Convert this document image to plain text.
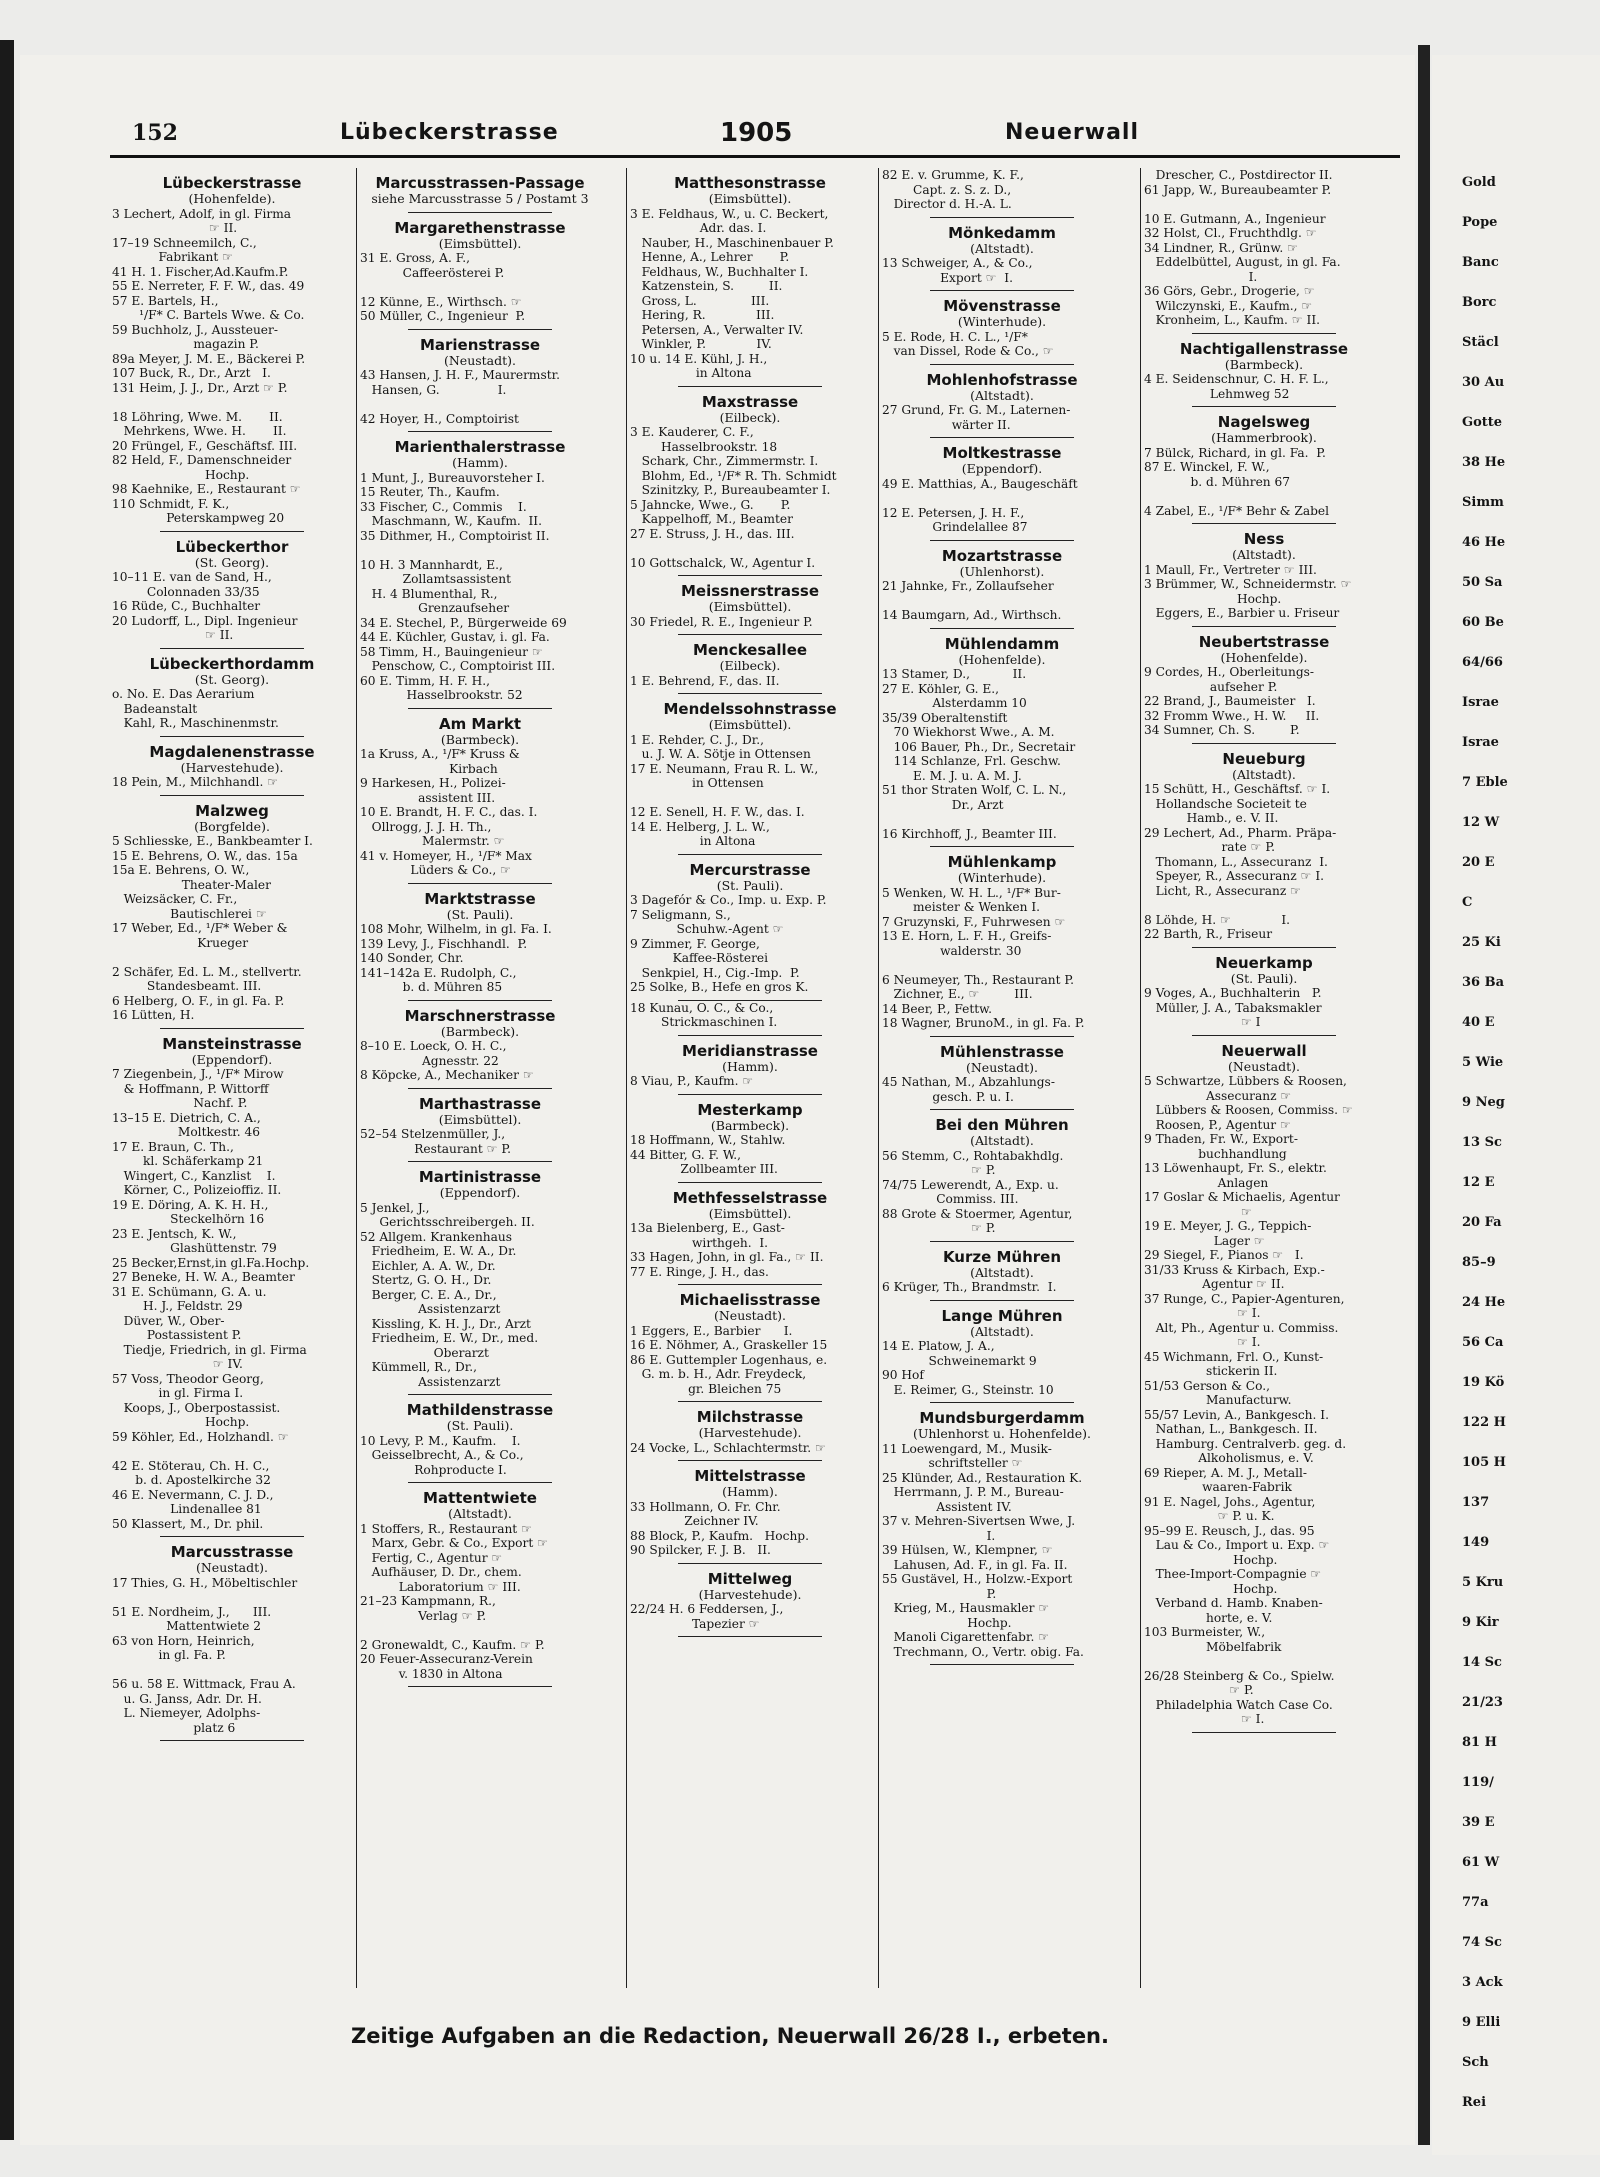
Gold
Pope
Banc
Borc
Stäcl
30 Au
Gotte
38 He
Simm
46 He
50 Sa
60 Be
64/66
Israe
Israe
7 Eble
12 W
20 E
C
25 Ki
36 Ba
40 E
5 Wie
9 Neg
13 Sc
12 E
20 Fa
85–9
24 He
56 Ca
19 Kö
122 H
105 H
137
149
5 Kru
9 Kir
14 Sc
21/23
81 H
119/
39 E
61 W
77a
74 Sc
3 Ack
9 Elli
Sch
Rei
152	Lübeckerstrasse	1905	Neuerwall
Lübeckerstrasse
(Hohenfelde).
3 Lechert, Adolf, in gl. Firma
☞ II.
17–19 Schneemilch, C.,
Fabrikant ☞
41 H. 1. Fischer,Ad.Kaufm.P.
55 E. Nerreter, F. F. W., das. 49
57 E. Bartels, H.,
¹/F* C. Bartels Wwe. & Co.
59 Buchholz, J., Aussteuer-
magazin P.
89a Meyer, J. M. E., Bäckerei P.
107 Buck, R., Dr., Arzt   I.
131 Heim, J. J., Dr., Arzt ☞ P.

18 Löhring, Wwe. M.       II.
Mehrkens, Wwe. H.       II.
20 Früngel, F., Geschäftsf. III.
82 Held, F., Damenschneider
Hochp.
98 Kaehnike, E., Restaurant ☞
110 Schmidt, F. K.,
Peterskampweg 20
Lübeckerthor
(St. Georg).
10–11 E. van de Sand, H.,
Colonnaden 33/35
16 Rüde, C., Buchhalter
20 Ludorff, L., Dipl. Ingenieur
☞ II.
Lübeckerthordamm
(St. Georg).
o. No. E. Das Aerarium
Badeanstalt
Kahl, R., Maschinenmstr.
Magdalenenstrasse
(Harvestehude).
18 Pein, M., Milchhandl. ☞
Malzweg
(Borgfelde).
5 Schliesske, E., Bankbeamter I.
15 E. Behrens, O. W., das. 15a
15a E. Behrens, O. W.,
Theater-Maler
Weizsäcker, C. Fr.,
Bautischlerei ☞
17 Weber, Ed., ¹/F* Weber &
Krueger

2 Schäfer, Ed. L. M., stellvertr.
Standesbeamt. III.
6 Helberg, O. F., in gl. Fa. P.
16 Lütten, H.
Mansteinstrasse
(Eppendorf).
7 Ziegenbein, J., ¹/F* Mirow
& Hoffmann, P. Wittorff
Nachf. P.
13–15 E. Dietrich, C. A.,
Moltkestr. 46
17 E. Braun, C. Th.,
kl. Schäferkamp 21
Wingert, C., Kanzlist    I.
Körner, C., Polizeioffiz. II.
19 E. Döring, A. K. H. H.,
Steckelhörn 16
23 E. Jentsch, K. W.,
Glashüttenstr. 79
25 Becker,Ernst,in gl.Fa.Hochp.
27 Beneke, H. W. A., Beamter
31 E. Schümann, G. A. u.
H. J., Feldstr. 29
Düver, W., Ober-
Postassistent P.
Tiedje, Friedrich, in gl. Firma
☞ IV.
57 Voss, Theodor Georg,
in gl. Firma I.
Koops, J., Oberpostassist.
Hochp.
59 Köhler, Ed., Holzhandl. ☞

42 E. Stöterau, Ch. H. C.,
b. d. Apostelkirche 32
46 E. Nevermann, C. J. D.,
Lindenallee 81
50 Klassert, M., Dr. phil.
Marcusstrasse
(Neustadt).
17 Thies, G. H., Möbeltischler

51 E. Nordheim, J.,      III.
Mattentwiete 2
63 von Horn, Heinrich,
in gl. Fa. P.

56 u. 58 E. Wittmack, Frau A.
u. G. Janss, Adr. Dr. H.
L. Niemeyer, Adolphs-
platz 6
Marcusstrassen-Passage
siehe Marcusstrasse 5 / Postamt 3
Margarethenstrasse
(Eimsbüttel).
31 E. Gross, A. F.,
Caffeerösterei P.

12 Künne, E., Wirthsch. ☞
50 Müller, C., Ingenieur  P.
Marienstrasse
(Neustadt).
43 Hansen, J. H. F., Maurermstr.
Hansen, G.               I.

42 Hoyer, H., Comptoirist
Marienthalerstrasse
(Hamm).
1 Munt, J., Bureauvorsteher I.
15 Reuter, Th., Kaufm.
33 Fischer, C., Commis    I.
Maschmann, W., Kaufm.  II.
35 Dithmer, H., Comptoirist II.

10 H. 3 Mannhardt, E.,
Zollamtsassistent
H. 4 Blumenthal, R.,
Grenzaufseher
34 E. Stechel, P., Bürgerweide 69
44 E. Küchler, Gustav, i. gl. Fa.
58 Timm, H., Bauingenieur ☞
Penschow, C., Comptoirist III.
60 E. Timm, H. F. H.,
Hasselbrookstr. 52
Am Markt
(Barmbeck).
1a Kruss, A., ¹/F* Kruss &
Kirbach
9 Harkesen, H., Polizei-
assistent III.
10 E. Brandt, H. F. C., das. I.
Ollrogg, J. J. H. Th.,
Malermstr. ☞
41 v. Homeyer, H., ¹/F* Max
Lüders & Co., ☞
Marktstrasse
(St. Pauli).
108 Mohr, Wilhelm, in gl. Fa. I.
139 Levy, J., Fischhandl.  P.
140 Sonder, Chr.
141–142a E. Rudolph, C.,
b. d. Mühren 85
Marschnerstrasse
(Barmbeck).
8–10 E. Loeck, O. H. C.,
Agnesstr. 22
8 Köpcke, A., Mechaniker ☞
Marthastrasse
(Eimsbüttel).
52–54 Stelzenmüller, J.,
Restaurant ☞ P.
Martinistrasse
(Eppendorf).
5 Jenkel, J.,
Gerichtsschreibergeh. II.
52 Allgem. Krankenhaus
Friedheim, E. W. A., Dr.
Eichler, A. A. W., Dr.
Stertz, G. O. H., Dr.
Berger, C. E. A., Dr.,
Assistenzarzt
Kissling, K. H. J., Dr., Arzt
Friedheim, E. W., Dr., med.
Oberarzt
Kümmell, R., Dr.,
Assistenzarzt
Mathildenstrasse
(St. Pauli).
10 Levy, P. M., Kaufm.    I.
Geisselbrecht, A., & Co.,
Rohproducte I.
Mattentwiete
(Altstadt).
1 Stoffers, R., Restaurant ☞
Marx, Gebr. & Co., Export ☞
Fertig, C., Agentur ☞
Aufhäuser, D. Dr., chem.
Laboratorium ☞ III.
21–23 Kampmann, R.,
Verlag ☞ P.

2 Gronewaldt, C., Kaufm. ☞ P.
20 Feuer-Assecuranz-Verein
v. 1830 in Altona
Matthesonstrasse
(Eimsbüttel).
3 E. Feldhaus, W., u. C. Beckert,
Adr. das. I.
Nauber, H., Maschinenbauer P.
Henne, A., Lehrer       P.
Feldhaus, W., Buchhalter I.
Katzenstein, S.         II.
Gross, L.              III.
Hering, R.             III.
Petersen, A., Verwalter IV.
Winkler, P.             IV.
10 u. 14 E. Kühl, J. H.,
in Altona
Maxstrasse
(Eilbeck).
3 E. Kauderer, C. F.,
Hasselbrookstr. 18
Schark, Chr., Zimmermstr. I.
Blohm, Ed., ¹/F* R. Th. Schmidt
Szinitzky, P., Bureaubeamter I.
5 Jahncke, Wwe., G.       P.
Kappelhoff, M., Beamter
27 E. Struss, J. H., das. III.

10 Gottschalck, W., Agentur I.
Meissnerstrasse
(Eimsbüttel).
30 Friedel, R. E., Ingenieur P.
Menckesallee
(Eilbeck).
1 E. Behrend, F., das. II.
Mendelssohnstrasse
(Eimsbüttel).
1 E. Rehder, C. J., Dr.,
u. J. W. A. Sötje in Ottensen
17 E. Neumann, Frau R. L. W.,
in Ottensen

12 E. Senell, H. F. W., das. I.
14 E. Helberg, J. L. W.,
in Altona
Mercurstrasse
(St. Pauli).
3 Dagefór & Co., Imp. u. Exp. P.
7 Seligmann, S.,
Schuhw.-Agent ☞
9 Zimmer, F. George,
Kaffee-Rösterei
Senkpiel, H., Cig.-Imp.  P.
25 Solke, B., Hefe en gros K.
18 Kunau, O. C., & Co.,
Strickmaschinen I.
Meridianstrasse
(Hamm).
8 Viau, P., Kaufm. ☞
Mesterkamp
(Barmbeck).
18 Hoffmann, W., Stahlw.
44 Bitter, G. F. W.,
Zollbeamter III.
Methfesselstrasse
(Eimsbüttel).
13a Bielenberg, E., Gast-
wirthgeh.  I.
33 Hagen, John, in gl. Fa., ☞ II.
77 E. Ringe, J. H., das.
Michaelisstrasse
(Neustadt).
1 Eggers, E., Barbier      I.
16 E. Nöhmer, A., Graskeller 15
86 E. Guttempler Logenhaus, e.
G. m. b. H., Adr. Freydeck,
gr. Bleichen 75
Milchstrasse
(Harvestehude).
24 Vocke, L., Schlachtermstr. ☞
Mittelstrasse
(Hamm).
33 Hollmann, O. Fr. Chr.
Zeichner IV.
88 Block, P., Kaufm.   Hochp.
90 Spilcker, F. J. B.   II.
Mittelweg
(Harvestehude).
22/24 H. 6 Feddersen, J.,
Tapezier ☞
82 E. v. Grumme, K. F.,
Capt. z. S. z. D.,
Director d. H.-A. L.
Mönkedamm
(Altstadt).
13 Schweiger, A., & Co.,
Export ☞  I.
Mövenstrasse
(Winterhude).
5 E. Rode, H. C. L., ¹/F*
van Dissel, Rode & Co., ☞
Mohlenhofstrasse
(Altstadt).
27 Grund, Fr. G. M., Laternen-
wärter II.
Moltkestrasse
(Eppendorf).
49 E. Matthias, A., Baugeschäft

12 E. Petersen, J. H. F.,
Grindelallee 87
Mozartstrasse
(Uhlenhorst).
21 Jahnke, Fr., Zollaufseher

14 Baumgarn, Ad., Wirthsch.
Mühlendamm
(Hohenfelde).
13 Stamer, D.,           II.
27 E. Köhler, G. E.,
Alsterdamm 10
35/39 Oberaltenstift
70 Wiekhorst Wwe., A. M.
106 Bauer, Ph., Dr., Secretair
114 Schlanze, Frl. Geschw.
E. M. J. u. A. M. J.
51 thor Straten Wolf, C. L. N.,
Dr., Arzt

16 Kirchhoff, J., Beamter III.
Mühlenkamp
(Winterhude).
5 Wenken, W. H. L., ¹/F* Bur-
meister & Wenken I.
7 Gruzynski, F., Fuhrwesen ☞
13 E. Horn, L. F. H., Greifs-
walderstr. 30

6 Neumeyer, Th., Restaurant P.
Zichner, E., ☞         III.
14 Beer, P., Fettw.
18 Wagner, BrunoM., in gl. Fa. P.
Mühlenstrasse
(Neustadt).
45 Nathan, M., Abzahlungs-
gesch. P. u. I.
Bei den Mühren
(Altstadt).
56 Stemm, C., Rohtabakhdlg.
☞ P.
74/75 Lewerendt, A., Exp. u.
Commiss. III.
88 Grote & Stoermer, Agentur,
☞ P.
Kurze Mühren
(Altstadt).
6 Krüger, Th., Brandmstr.  I.
Lange Mühren
(Altstadt).
14 E. Platow, J. A.,
Schweinemarkt 9
90 Hof
E. Reimer, G., Steinstr. 10
Mundsburgerdamm
(Uhlenhorst u. Hohenfelde).
11 Loewengard, M., Musik-
schriftsteller ☞
25 Klünder, Ad., Restauration K.
Herrmann, J. P. M., Bureau-
Assistent IV.
37 v. Mehren-Sivertsen Wwe, J.
I.
39 Hülsen, W., Klempner, ☞
Lahusen, Ad. F., in gl. Fa. II.
55 Gustävel, H., Holzw.-Export
P.
Krieg, M., Hausmakler ☞
Hochp.
Manoli Cigarettenfabr. ☞
Trechmann, O., Vertr. obig. Fa.
Drescher, C., Postdirector II.
61 Japp, W., Bureaubeamter P.

10 E. Gutmann, A., Ingenieur
32 Holst, Cl., Fruchthdlg. ☞
34 Lindner, R., Grünw. ☞
Eddelbüttel, August, in gl. Fa.
I.
36 Görs, Gebr., Drogerie, ☞
Wilczynski, E., Kaufm., ☞
Kronheim, L., Kaufm. ☞ II.
Nachtigallenstrasse
(Barmbeck).
4 E. Seidenschnur, C. H. F. L.,
Lehmweg 52
Nagelsweg
(Hammerbrook).
7 Bülck, Richard, in gl. Fa.  P.
87 E. Winckel, F. W.,
b. d. Mühren 67

4 Zabel, E., ¹/F* Behr & Zabel
Ness
(Altstadt).
1 Maull, Fr., Vertreter ☞ III.
3 Brümmer, W., Schneidermstr. ☞
Hochp.
Eggers, E., Barbier u. Friseur
Neubertstrasse
(Hohenfelde).
9 Cordes, H., Oberleitungs-
aufseher P.
22 Brand, J., Baumeister   I.
32 Fromm Wwe., H. W.     II.
34 Sumner, Ch. S.         P.
Neueburg
(Altstadt).
15 Schütt, H., Geschäftsf. ☞ I.
Hollandsche Societeit te
Hamb., e. V. II.
29 Lechert, Ad., Pharm. Präpa-
rate ☞ P.
Thomann, L., Assecuranz  I.
Speyer, R., Assecuranz ☞ I.
Licht, R., Assecuranz ☞

8 Löhde, H. ☞             I.
22 Barth, R., Friseur
Neuerkamp
(St. Pauli).
9 Voges, A., Buchhalterin   P.
Müller, J. A., Tabaksmakler
☞ I
Neuerwall
(Neustadt).
5 Schwartze, Lübbers & Roosen,
Assecuranz ☞
Lübbers & Roosen, Commiss. ☞
Roosen, P., Agentur ☞
9 Thaden, Fr. W., Export-
buchhandlung
13 Löwenhaupt, Fr. S., elektr.
Anlagen
17 Goslar & Michaelis, Agentur
☞
19 E. Meyer, J. G., Teppich-
Lager ☞
29 Siegel, F., Pianos ☞   I.
31/33 Kruss & Kirbach, Exp.-
Agentur ☞ II.
37 Runge, C., Papier-Agenturen,
☞ I.
Alt, Ph., Agentur u. Commiss.
☞ I.
45 Wichmann, Frl. O., Kunst-
stickerin II.
51/53 Gerson & Co.,
Manufacturw.
55/57 Levin, A., Bankgesch. I.
Nathan, L., Bankgesch. II.
Hamburg. Centralverb. geg. d.
Alkoholismus, e. V.
69 Rieper, A. M. J., Metall-
waaren-Fabrik
91 E. Nagel, Johs., Agentur,
☞ P. u. K.
95–99 E. Reusch, J., das. 95
Lau & Co., Import u. Exp. ☞
Hochp.
Thee-Import-Compagnie ☞
Hochp.
Verband d. Hamb. Knaben-
horte, e. V.
103 Burmeister, W.,
Möbelfabrik

26/28 Steinberg & Co., Spielw.
☞ P.
Philadelphia Watch Case Co.
☞ I.
Zeitige Aufgaben an die Redaction, Neuerwall 26/28 I., erbeten.
